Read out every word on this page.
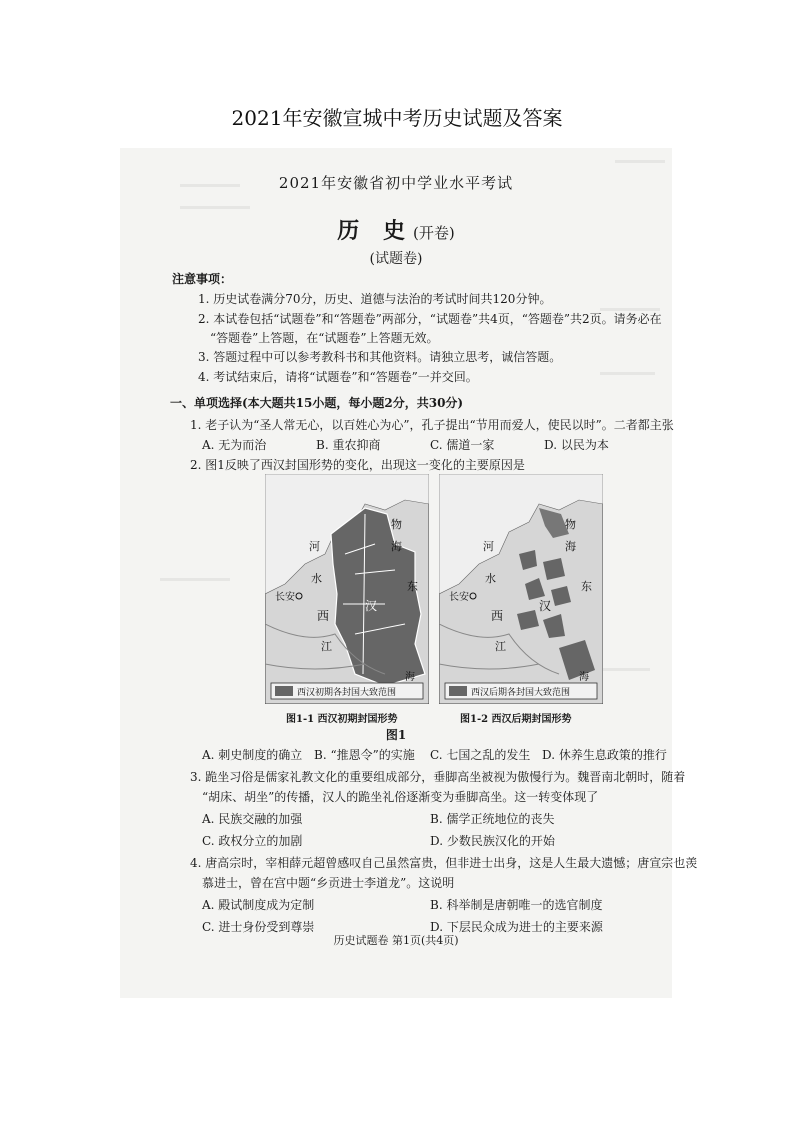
2021年安徽宣城中考历史试题及答案
2021年安徽省初中学业水平考试
历 史(开卷)
(试题卷)
注意事项：
1. 历史试卷满分70分，历史、道德与法治的考试时间共120分钟。
2. 本试卷包括“试题卷”和“答题卷”两部分，“试题卷”共4页，“答题卷”共2页。请务必在
“答题卷”上答题，在“试题卷”上答题无效。
3. 答题过程中可以参考教科书和其他资料。请独立思考，诚信答题。
4. 考试结束后，请将“试题卷”和“答题卷”一并交回。
一、单项选择(本大题共15小题，每小题2分，共30分)
1. 老子认为“圣人常无心，以百姓心为心”，孔子提出“节用而爱人，使民以时”。二者都主张
A. 无为而治	B. 重农抑商	C. 儒道一家	D. 以民为本
2. 图1反映了西汉封国形势的变化，出现这一变化的主要原因是
河
水
长安
西
汉
东
物
海
江
海
西汉初期各封国大致范围
图1-1 西汉初期封国形势
河
水
长安
西
汉
东
物
海
江
海
西汉后期各封国大致范围
图1-2 西汉后期封国形势
图1
A. 刺史制度的确立 B. “推恩令”的实施 C. 七国之乱的发生 D. 休养生息政策的推行
3. 跪坐习俗是儒家礼教文化的重要组成部分，垂脚高坐被视为傲慢行为。魏晋南北朝时，随着
“胡床、胡坐”的传播，汉人的跪坐礼俗逐渐变为垂脚高坐。这一转变体现了
A. 民族交融的加强	B. 儒学正统地位的丧失
C. 政权分立的加剧	D. 少数民族汉化的开始
4. 唐高宗时，宰相薛元超曾感叹自己虽然富贵，但非进士出身，这是人生最大遗憾；唐宣宗也羡
慕进士，曾在宫中题“乡贡进士李道龙”。这说明
A. 殿试制度成为定制	B. 科举制是唐朝唯一的选官制度
C. 进士身份受到尊崇	D. 下层民众成为进士的主要来源
历史试题卷 第1页(共4页)
